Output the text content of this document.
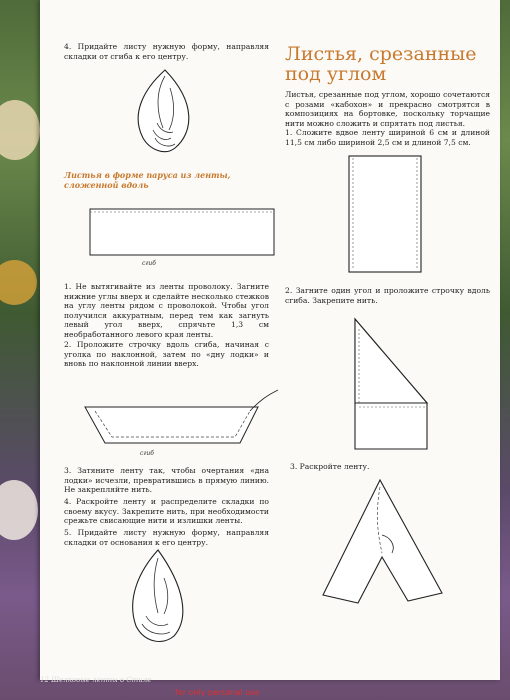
4. Придайте листу нужную форму, направляя складки от сгиба к его центру.
Листья в форме паруса из ленты, сложенной вдоль
сгиб
1. Не вытягивайте из ленты проволоку. Загните нижние углы вверх и сделайте несколько стежков на углу ленты рядом с проволокой. Чтобы угол получился аккуратным, перед тем как загнуть левый угол вверх, спрячьте 1,3 см необработанного левого края ленты.
2. Проложите строчку вдоль сгиба, начиная с уголка по наклонной, затем по «дну лодки» и вновь по наклонной линии вверх.
сгиб
3. Затяните ленту так, чтобы очертания «дна лодки» исчезли, превратившись в прямую линию. Не закрепляйте нить.
4. Раскройте ленту и распределите складки по своему вкусу. Закрепите нить, при необходимости срежьте свисающие нити и излишки ленты.
5. Придайте листу нужную форму, направляя складки от основания к его центру.
Листья, срезанные под углом
Листья, срезанные под углом, хорошо сочетаются с розами «кабохон» и прекрасно смотрятся в композициях на бортовке, поскольку торчащие нити можно сложить и спрятать под листья.
1. Сложите вдвое ленту шириной 6 см и длиной 11,5 см либо шириной 2,5 см и длиной 7,5 см.
2. Загните один угол и проложите строчку вдоль сгиба. Закрепите нить.
3. Раскройте ленту.
12 Шелковые ленты в Стиле
for only personal use
